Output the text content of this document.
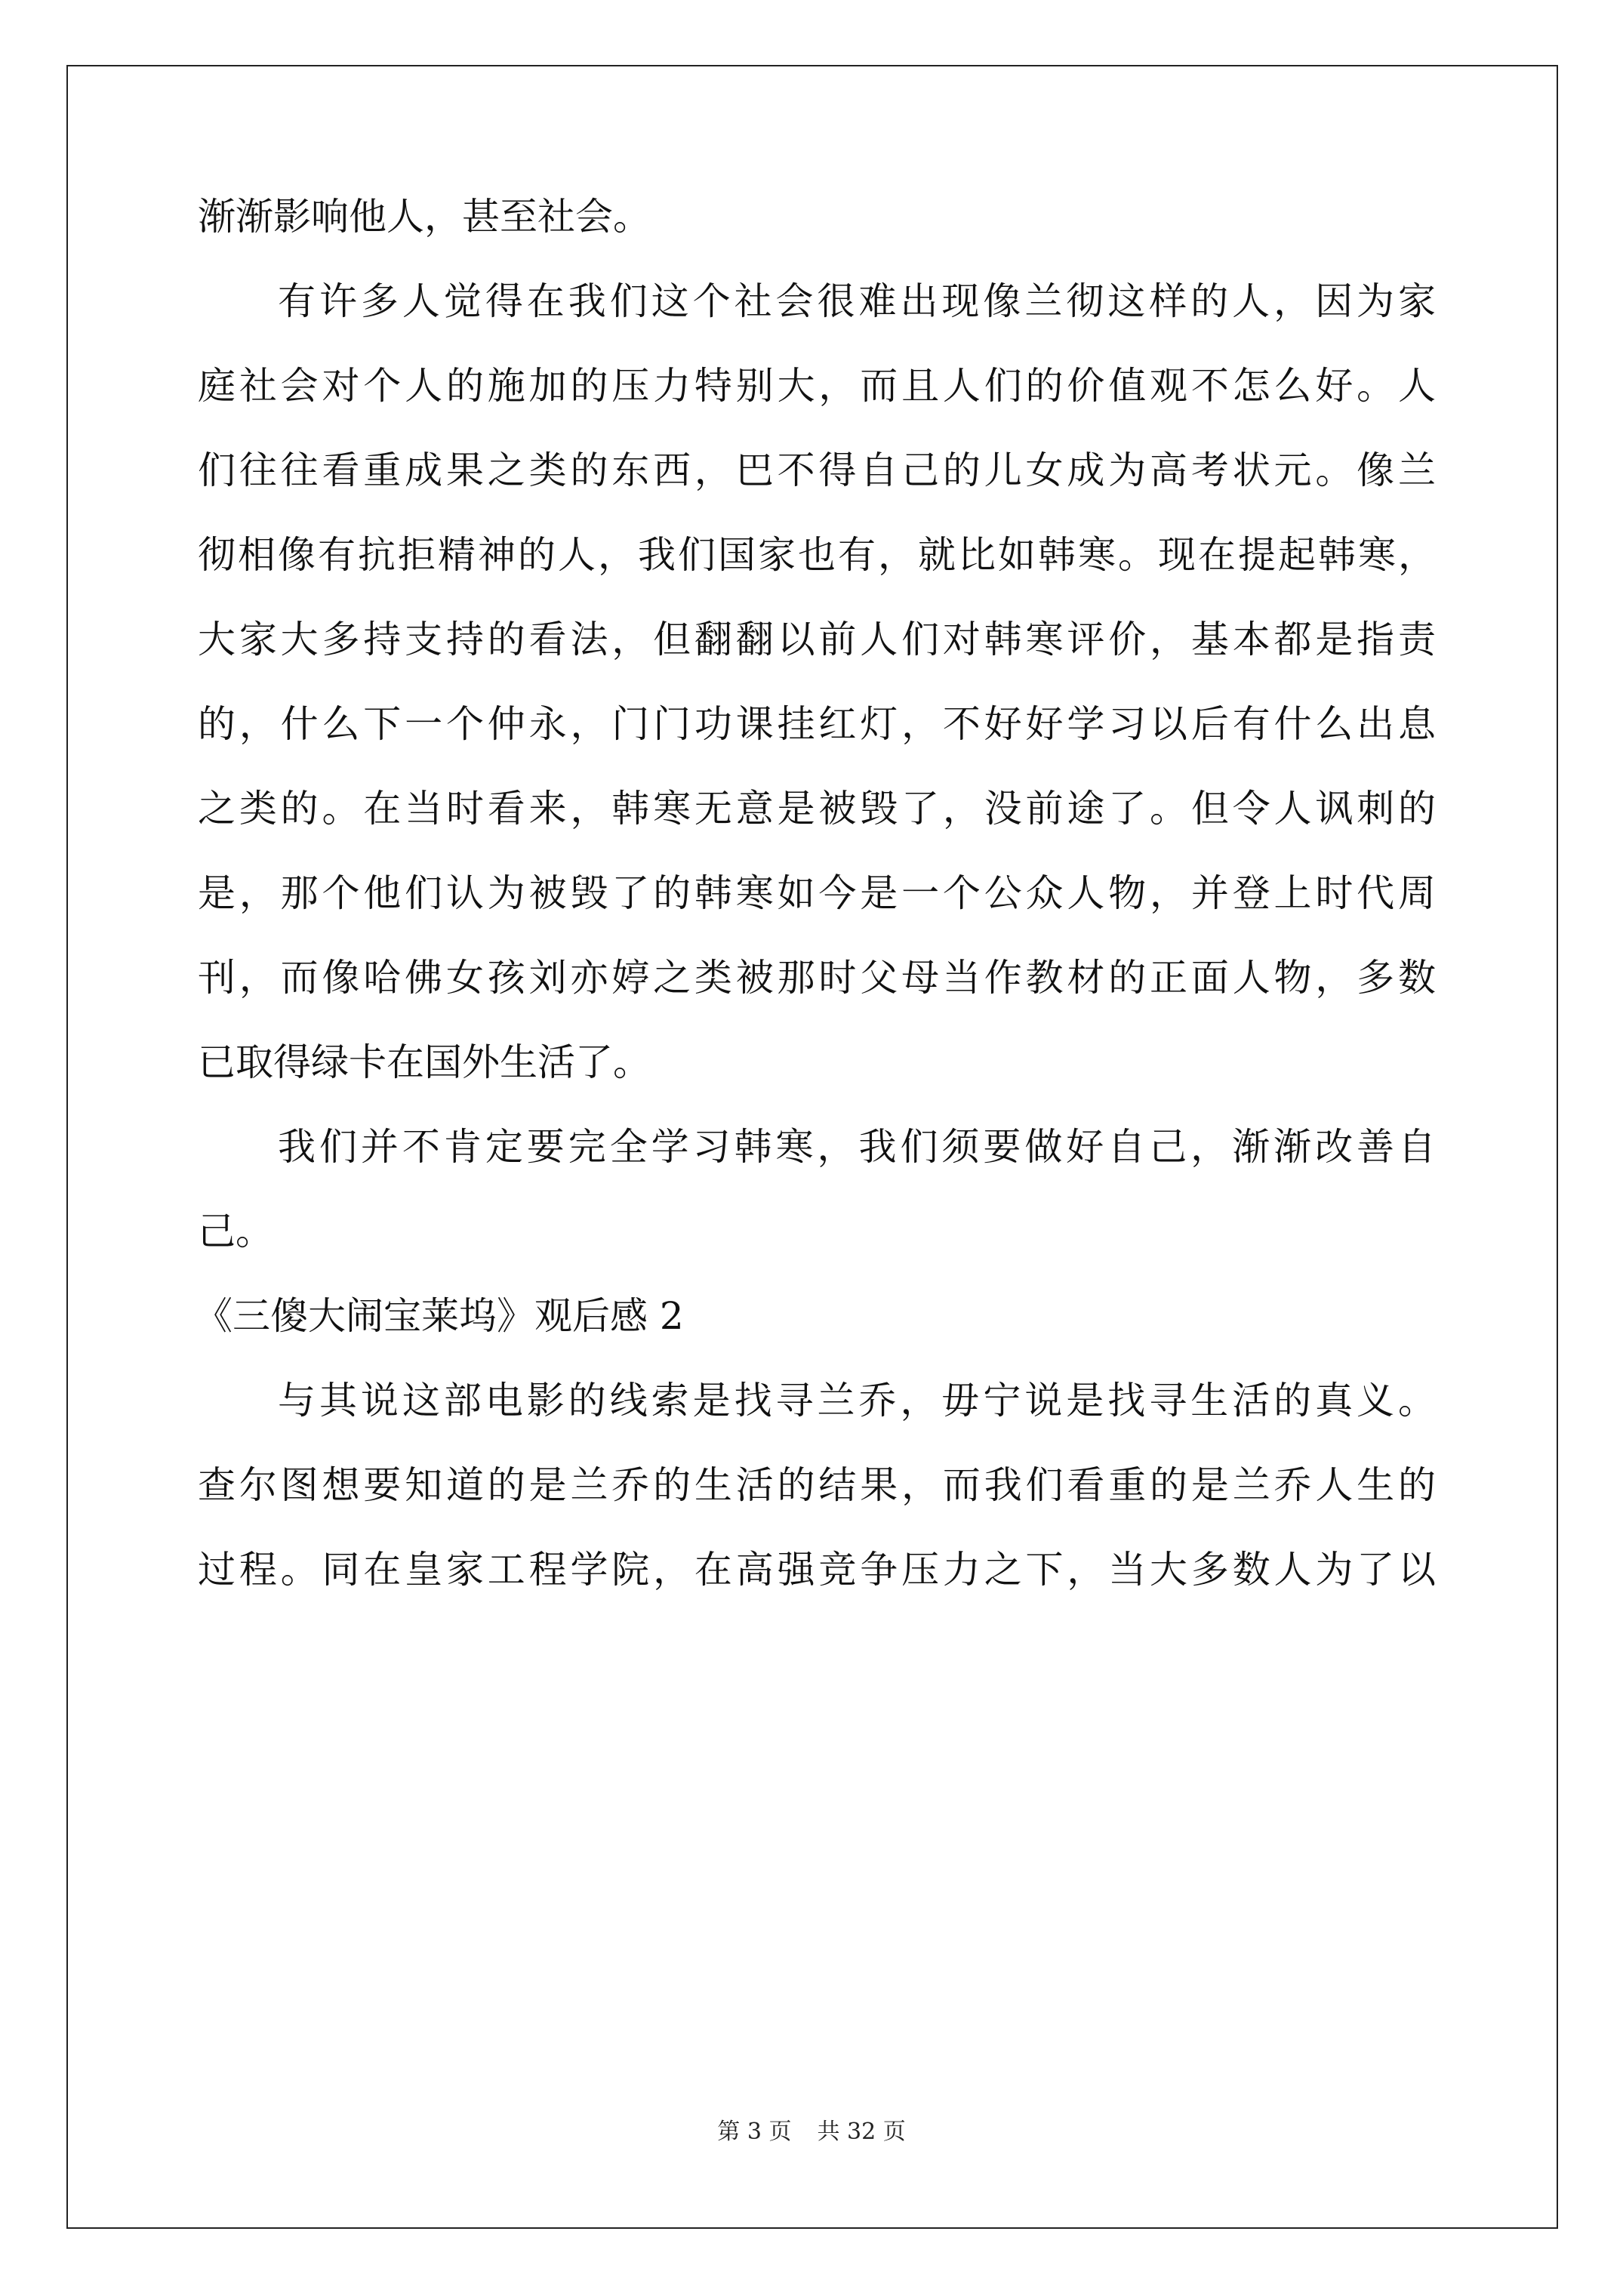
渐渐影响他人，甚至社会。
有许多人觉得在我们这个社会很难出现像兰彻这样的人，因为家
庭社会对个人的施加的压力特别大，而且人们的价值观不怎么好。人
们往往看重成果之类的东西，巴不得自己的儿女成为高考状元。像兰
彻相像有抗拒精神的人，我们国家也有，就比如韩寒。现在提起韩寒，
大家大多持支持的看法，但翻翻以前人们对韩寒评价，基本都是指责
的，什么下一个仲永，门门功课挂红灯，不好好学习以后有什么出息
之类的。在当时看来，韩寒无意是被毁了，没前途了。但令人讽刺的
是，那个他们认为被毁了的韩寒如今是一个公众人物，并登上时代周
刊，而像哈佛女孩刘亦婷之类被那时父母当作教材的正面人物，多数
已取得绿卡在国外生活了。
我们并不肯定要完全学习韩寒，我们须要做好自己，渐渐改善自
己。
《三傻大闹宝莱坞》观后感 2
与其说这部电影的线索是找寻兰乔，毋宁说是找寻生活的真义。
查尔图想要知道的是兰乔的生活的结果，而我们看重的是兰乔人生的
过程。同在皇家工程学院，在高强竞争压力之下，当大多数人为了以
第 3 页 共 32 页
